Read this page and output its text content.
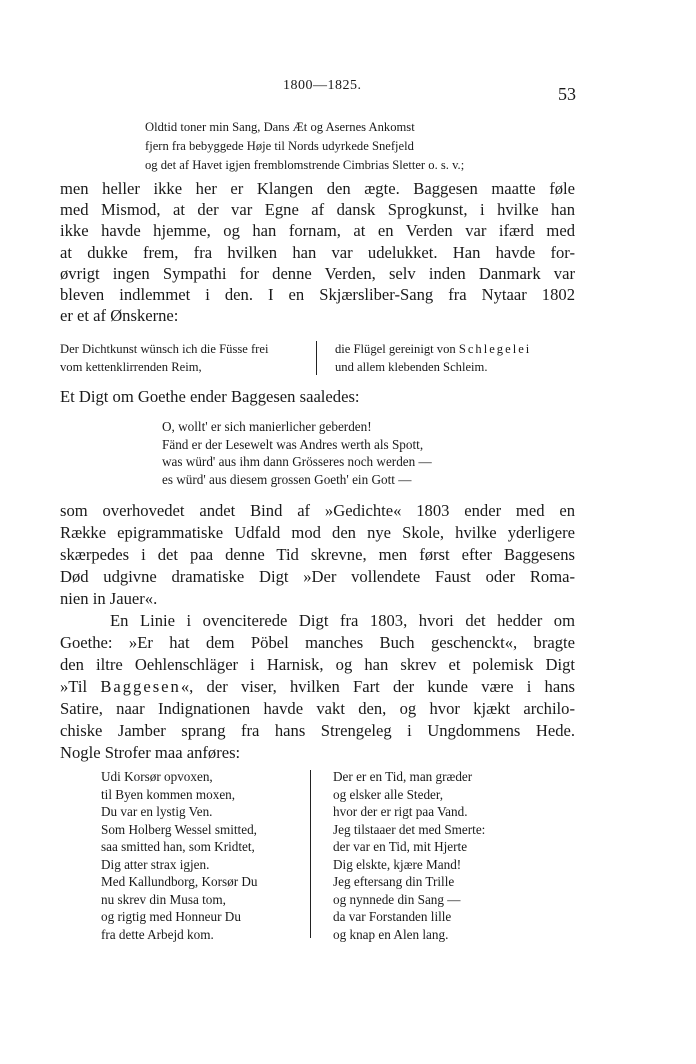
1800—1825.	53
Oldtid toner min Sang, Dans Æt og Asernes Ankomst
fjern fra bebyggede Høje til Nords udyrkede Snefjeld
og det af Havet igjen fremblomstrende Cimbrias Sletter o. s. v.;
men heller ikke her er Klangen den ægte. Baggesen maatte føle
med Mismod, at der var Egne af dansk Sprogkunst, i hvilke han
ikke havde hjemme, og han fornam, at en Verden var ifærd med
at dukke frem, fra hvilken han var udelukket. Han havde for-
øvrigt ingen Sympathi for denne Verden, selv inden Danmark var
bleven indlemmet i den. I en Skjærsliber-Sang fra Nytaar 1802
er et af Ønskerne:
Der Dichtkunst wünsch ich die Füsse frei
vom kettenklirrenden Reim,
die Flügel gereinigt von Schlegelei
und allem klebenden Schleim.
Et Digt om Goethe ender Baggesen saaledes:
O, wollt' er sich manierlicher geberden!
Fänd er der Lesewelt was Andres werth als Spott,
was würd' aus ihm dann Grösseres noch werden —
es würd' aus diesem grossen Goeth' ein Gott —
som overhovedet andet Bind af »Gedichte« 1803 ender med en
Række epigrammatiske Udfald mod den nye Skole, hvilke yderligere
skærpedes i det paa denne Tid skrevne, men først efter Baggesens
Død udgivne dramatiske Digt »Der vollendete Faust oder Roma-
nien in Jauer«.
En Linie i ovenciterede Digt fra 1803, hvori det hedder om
Goethe: »Er hat dem Pöbel manches Buch geschenckt«, bragte
den iltre Oehlenschläger i Harnisk, og han skrev et polemisk Digt
»Til Baggesen«, der viser, hvilken Fart der kunde være i hans
Satire, naar Indignationen havde vakt den, og hvor kjækt archilo-
chiske Jamber sprang fra hans Strengeleg i Ungdommens Hede.
Nogle Strofer maa anføres:
Udi Korsør opvoxen,
til Byen kommen moxen,
Du var en lystig Ven.
Som Holberg Wessel smitted,
saa smitted han, som Kridtet,
Dig atter strax igjen.
Med Kallundborg, Korsør Du
nu skrev din Musa tom,
og rigtig med Honneur Du
fra dette Arbejd kom.
Der er en Tid, man græder
og elsker alle Steder,
hvor der er rigt paa Vand.
Jeg tilstaaer det med Smerte:
der var en Tid, mit Hjerte
Dig elskte, kjære Mand!
Jeg eftersang din Trille
og nynnede din Sang —
da var Forstanden lille
og knap en Alen lang.
